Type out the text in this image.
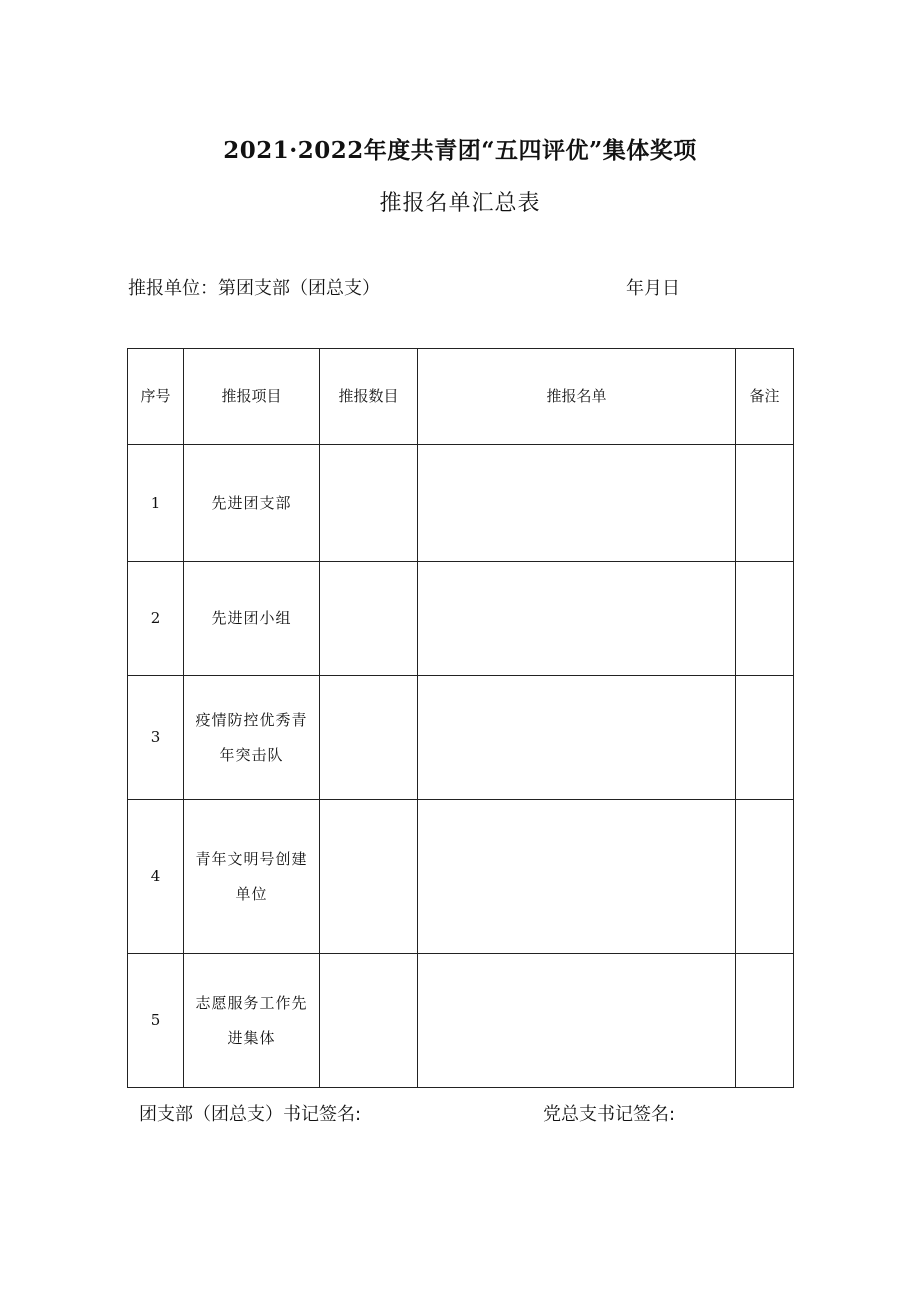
2021·2022年度共青团“五四评优”集体奖项
推报名单汇总表
推报单位：第团支部（团总支）	年月日
序号	推报项目	推报数目	推报名单	备注
1	先进团支部			
2	先进团小组			
3	疫情防控优秀青年突击队			
4	青年文明号创建单位			
5	志愿服务工作先进集体			
团支部（团总支）书记签名:	党总支书记签名:
